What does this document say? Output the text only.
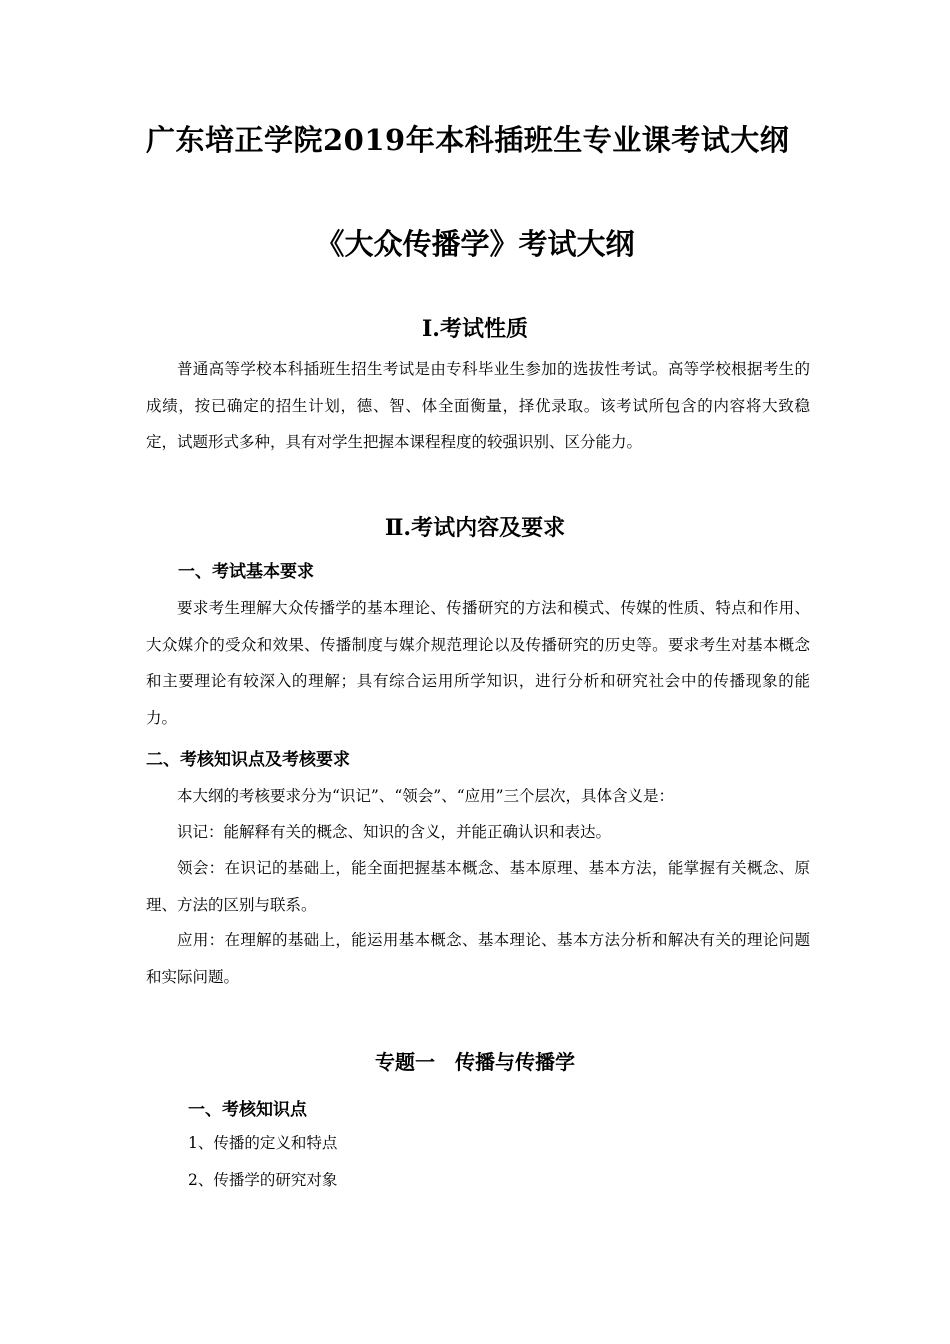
广东培正学院2019年本科插班生专业课考试大纲
《大众传播学》考试大纲
Ⅰ.考试性质
普通高等学校本科插班生招生考试是由专科毕业生参加的选拔性考试。高等学校根据考生的成绩，按已确定的招生计划，德、智、体全面衡量，择优录取。该考试所包含的内容将大致稳定，试题形式多种，具有对学生把握本课程程度的较强识别、区分能力。
Ⅱ.考试内容及要求
一、考试基本要求
要求考生理解大众传播学的基本理论、传播研究的方法和模式、传媒的性质、特点和作用、大众媒介的受众和效果、传播制度与媒介规范理论以及传播研究的历史等。要求考生对基本概念和主要理论有较深入的理解；具有综合运用所学知识，进行分析和研究社会中的传播现象的能力。
二、考核知识点及考核要求
本大纲的考核要求分为“识记”、“领会”、“应用”三个层次，具体含义是：
识记：能解释有关的概念、知识的含义，并能正确认识和表达。
领会：在识记的基础上，能全面把握基本概念、基本原理、基本方法，能掌握有关概念、原理、方法的区别与联系。
应用：在理解的基础上，能运用基本概念、基本理论、基本方法分析和解决有关的理论问题和实际问题。
专题一　传播与传播学
一、考核知识点
1、传播的定义和特点
2、传播学的研究对象
